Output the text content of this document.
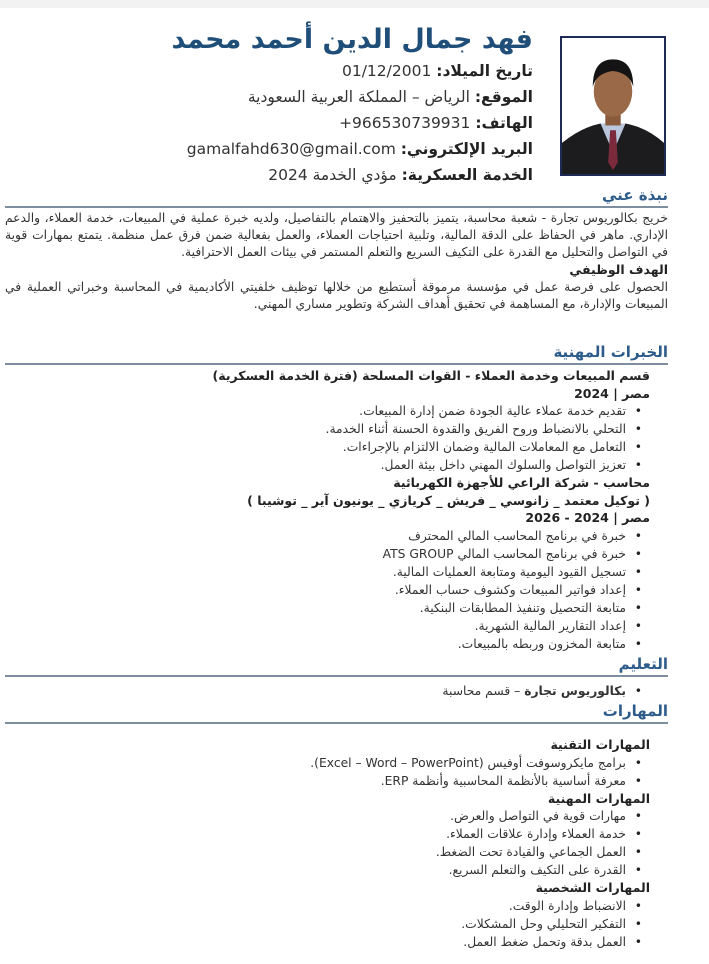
فهد جمال الدين أحمد محمد
تاريخ الميلاد: 01/12/2001
الموقع: الرياض – المملكة العربية السعودية
الهاتف: +966530739931
البريد الإلكتروني: gamalfahd630@gmail.com
الخدمة العسكرية: مؤدي الخدمة 2024
نبذة عني
خريج بكالوريوس تجارة - شعبة محاسبة، يتميز بالتحفيز والاهتمام بالتفاصيل، ولديه خبرة عملية في المبيعات، خدمة العملاء، والدعم الإداري. ماهر في الحفاظ على الدقة المالية، وتلبية احتياجات العملاء، والعمل بفعالية ضمن فرق عمل منظمة. يتمتع بمهارات قوية في التواصل والتحليل مع القدرة على التكيف السريع والتعلم المستمر في بيئات العمل الاحترافية.
الهدف الوظيفي
الحصول على فرصة عمل في مؤسسة مرموقة أستطيع من خلالها توظيف خلفيتي الأكاديمية في المحاسبة وخبراتي العملية في المبيعات والإدارة، مع المساهمة في تحقيق أهداف الشركة وتطوير مساري المهني.
الخبرات المهنية
قسم المبيعات وخدمة العملاء - القوات المسلحة (فترة الخدمة العسكرية)
مصر | 2024
• تقديم خدمة عملاء عالية الجودة ضمن إدارة المبيعات.
• التحلي بالانضباط وروح الفريق والقدوة الحسنة أثناء الخدمة.
• التعامل مع المعاملات المالية وضمان الالتزام بالإجراءات.
• تعزيز التواصل والسلوك المهني داخل بيئة العمل.
محاسب - شركة الراعي للأجهزة الكهربائية
( توكيل معتمد _ زانوسي _ فريش _ كريازي _ يونيون آير _ توشيبا )
مصر | 2024 - 2026
• خبرة في برنامج المحاسب المالي المحترف
• خبرة في برنامج المحاسب المالي ATS GROUP
• تسجيل القيود اليومية ومتابعة العمليات المالية.
• إعداد فواتير المبيعات وكشوف حساب العملاء.
• متابعة التحصيل وتنفيذ المطابقات البنكية.
• إعداد التقارير المالية الشهرية.
• متابعة المخزون وربطه بالمبيعات.
التعليم
• بكالوريوس تجارة – قسم محاسبة
المهارات
المهارات التقنية
• برامج مايكروسوفت أوفيس (Excel – Word – PowerPoint).
• معرفة أساسية بالأنظمة المحاسبية وأنظمة ERP.
المهارات المهنية
• مهارات قوية في التواصل والعرض.
• خدمة العملاء وإدارة علاقات العملاء.
• العمل الجماعي والقيادة تحت الضغط.
• القدرة على التكيف والتعلم السريع.
المهارات الشخصية
• الانضباط وإدارة الوقت.
• التفكير التحليلي وحل المشكلات.
• العمل بدقة وتحمل ضغط العمل.
